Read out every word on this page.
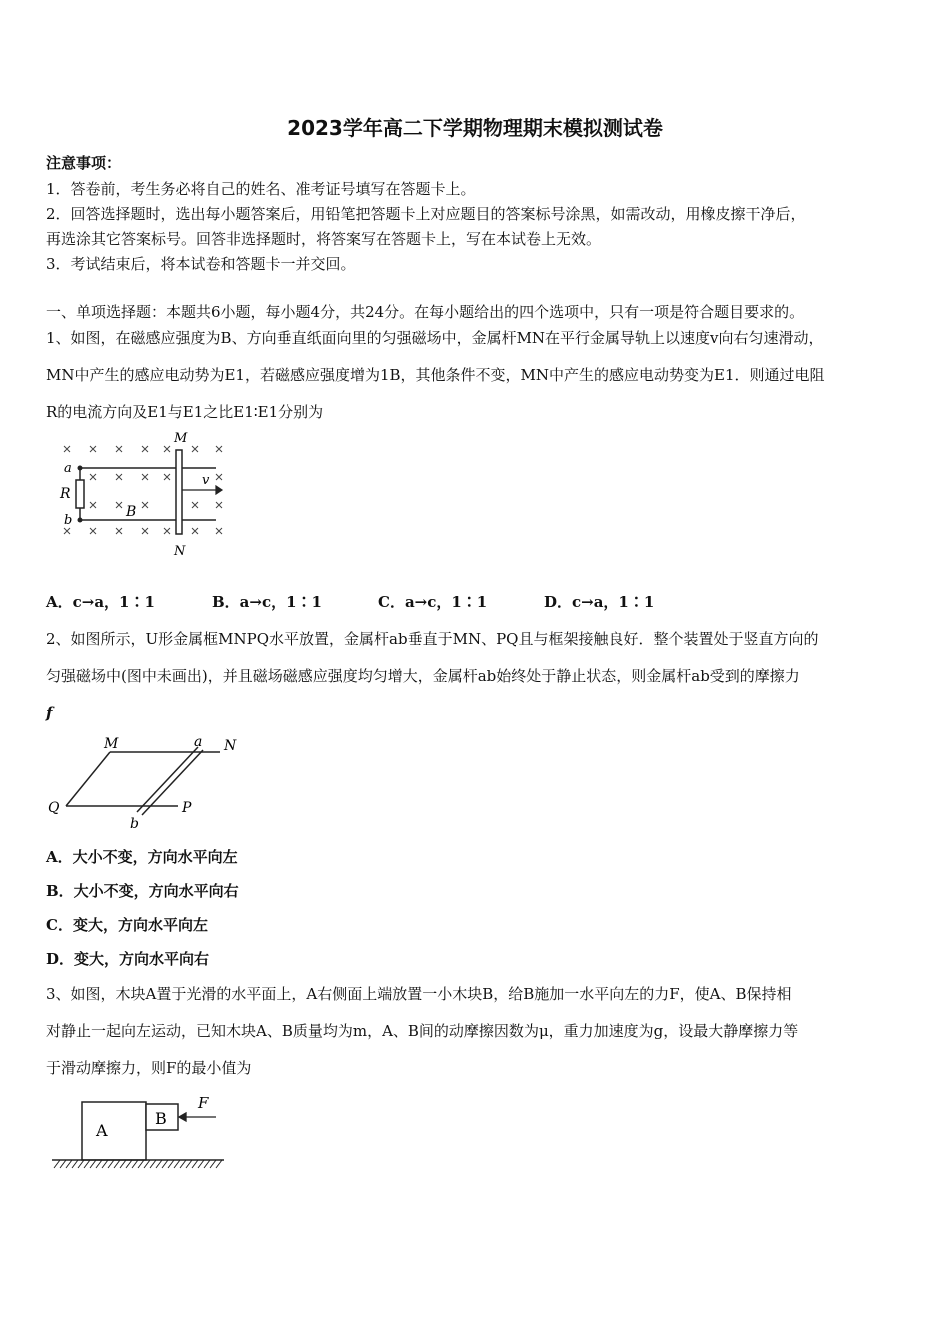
2023学年高二下学期物理期末模拟测试卷
注意事项：
1．答卷前，考生务必将自己的姓名、准考证号填写在答题卡上。
2．回答选择题时，选出每小题答案后，用铅笔把答题卡上对应题目的答案标号涂黑，如需改动，用橡皮擦干净后，
再选涂其它答案标号。回答非选择题时，将答案写在答题卡上，写在本试卷上无效。
3．考试结束后，将本试卷和答题卡一并交回。
一、单项选择题：本题共6小题，每小题4分，共24分。在每小题给出的四个选项中，只有一项是符合题目要求的。
1、如图，在磁感应强度为B、方向垂直纸面向里的匀强磁场中，金属杆MN在平行金属导轨上以速度v向右匀速滑动，
MN中产生的感应电动势为E1，若磁感应强度增为1B，其他条件不变，MN中产生的感应电动势变为E1．则通过电阻
R的电流方向及E1与E1之比E1∶E1分别为
M
N
a
b
R
B
v
A．c→a，1∶1	B．a→c，1∶1	C．a→c，1∶1	D．c→a，1∶1
2、如图所示，U形金属框MNPQ水平放置，金属杆ab垂直于MN、PQ且与框架接触良好．整个装置处于竖直方向的
匀强磁场中(图中未画出)，并且磁场磁感应强度均匀增大，金属杆ab始终处于静止状态，则金属杆ab受到的摩擦力
f
M	a N
Q	P
b
A．大小不变，方向水平向左
B．大小不变，方向水平向右
C．变大，方向水平向左
D．变大，方向水平向右
3、如图，木块A置于光滑的水平面上，A右侧面上端放置一小木块B，给B施加一水平向左的力F，使A、B保持相
对静止一起向左运动，已知木块A、B质量均为m，A、B间的动摩擦因数为μ，重力加速度为g，设最大静摩擦力等
于滑动摩擦力，则F的最小值为
A
B
F
